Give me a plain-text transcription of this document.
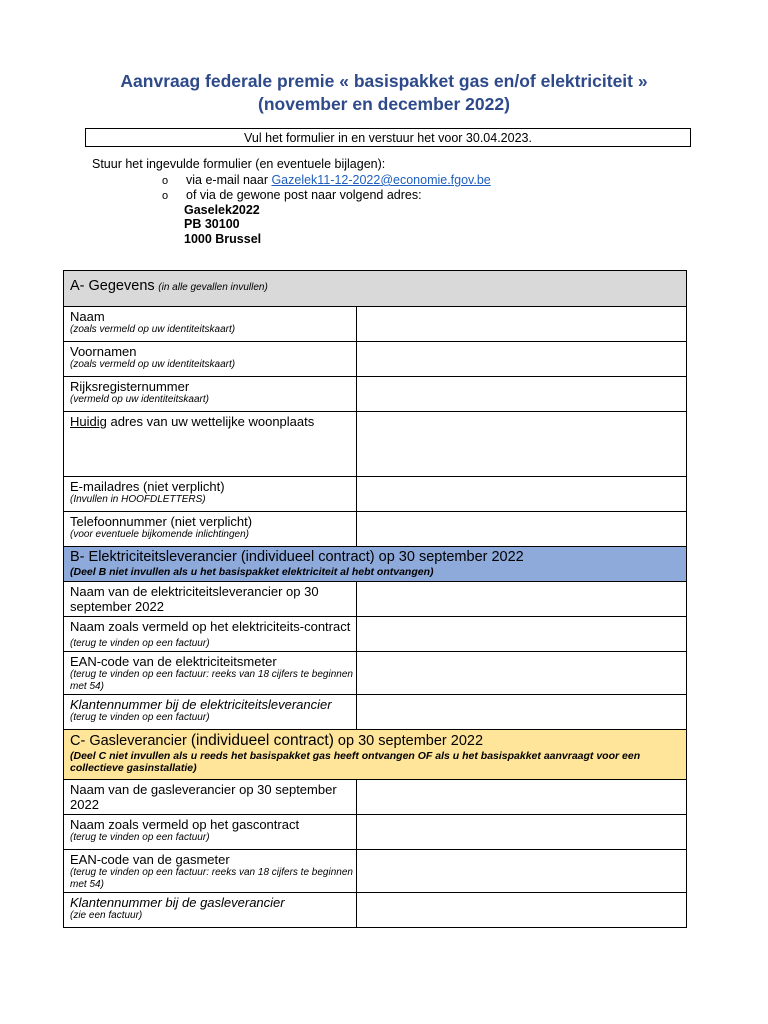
Aanvraag federale premie « basispakket gas en/of elektriciteit »
(november en december 2022)
Vul het formulier in en verstuur het voor 30.04.2023.
Stuur het ingevulde formulier (en eventuele bijlagen):
o via e-mail naar Gazelek11-12-2022@economie.fgov.be
o of via de gewone post naar volgend adres:
Gaselek2022
PB 30100
1000 Brussel
A- Gegevens (in alle gevallen invullen)	

Naam
(zoals vermeld op uw identiteitskaart)	

Voornamen
(zoals vermeld op uw identiteitskaart)	

Rijksregisternummer
(vermeld op uw identiteitskaart)	

Huidig adres van uw wettelijke woonplaats	

E-mailadres (niet verplicht)
(Invullen in HOOFDLETTERS)	

Telefoonnummer (niet verplicht)
(voor eventuele bijkomende inlichtingen)	

B- Elektriciteitsleverancier (individueel contract) op 30 september 2022
(Deel B niet invullen als u het basispakket elektriciteit al hebt ontvangen)	

Naam van de elektriciteitsleverancier op 30 september 2022	

Naam zoals vermeld op het elektriciteits-contract (terug te vinden op een factuur)	

EAN-code van de elektriciteitsmeter
(terug te vinden op een factuur: reeks van 18 cijfers te beginnen met 54)	

Klantennummer bij de elektriciteitsleverancier
(terug te vinden op een factuur)	

C- Gasleverancier (individueel contract) op 30 september 2022
(Deel C niet invullen als u reeds het basispakket gas heeft ontvangen OF als u het basispakket aanvraagt voor een collectieve gasinstallatie)	

Naam van de gasleverancier op 30 september 2022	

Naam zoals vermeld op het gascontract
(terug te vinden op een factuur)	

EAN-code van de gasmeter
(terug te vinden op een factuur: reeks van 18 cijfers te beginnen met 54)	

Klantennummer bij de gasleverancier
(zie een factuur)	
